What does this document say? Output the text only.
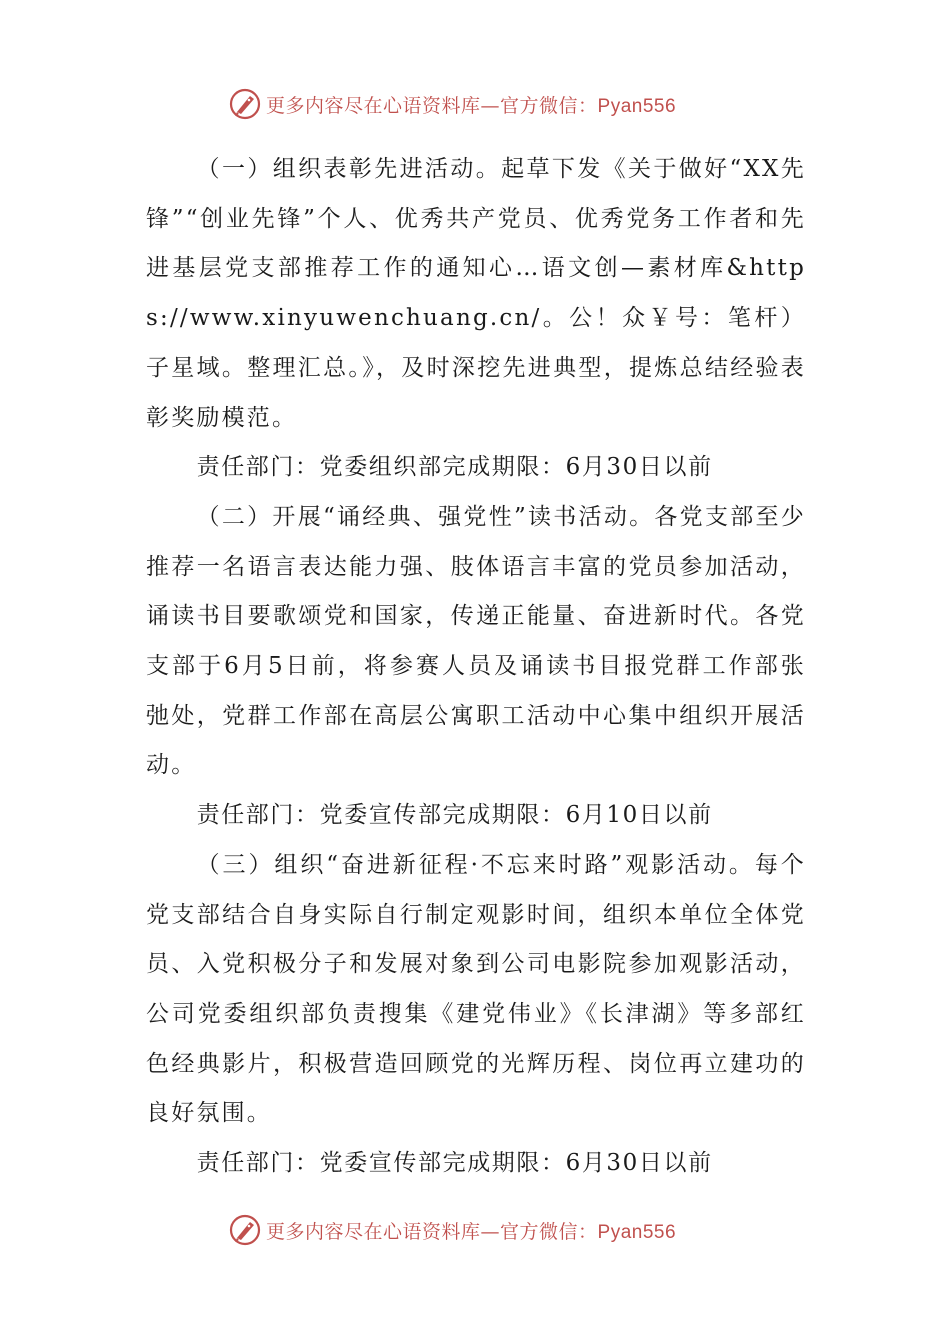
更多内容尽在心语资料库—官方微信：Pyan556

（一）组织表彰先进活动。起草下发《关于做好“XX先锋”“创业先锋”个人、优秀共产党员、优秀党务工作者和先进基层党支部推荐工作的通知心…语文创—素材库&https://www.xinyuwenchuang.cn/。公！众￥号：笔杆）子星域。整理汇总。》，及时深挖先进典型，提炼总结经验表彰奖励模范。

责任部门：党委组织部完成期限：6月30日以前

（二）开展“诵经典、强党性”读书活动。各党支部至少推荐一名语言表达能力强、肢体语言丰富的党员参加活动，诵读书目要歌颂党和国家，传递正能量、奋进新时代。各党支部于6月5日前，将参赛人员及诵读书目报党群工作部张弛处，党群工作部在高层公寓职工活动中心集中组织开展活动。

责任部门：党委宣传部完成期限：6月10日以前

（三）组织“奋进新征程·不忘来时路”观影活动。每个党支部结合自身实际自行制定观影时间，组织本单位全体党员、入党积极分子和发展对象到公司电影院参加观影活动，公司党委组织部负责搜集《建党伟业》《长津湖》等多部红色经典影片，积极营造回顾党的光辉历程、岗位再立建功的良好氛围。

责任部门：党委宣传部完成期限：6月30日以前

更多内容尽在心语资料库—官方微信：Pyan556
